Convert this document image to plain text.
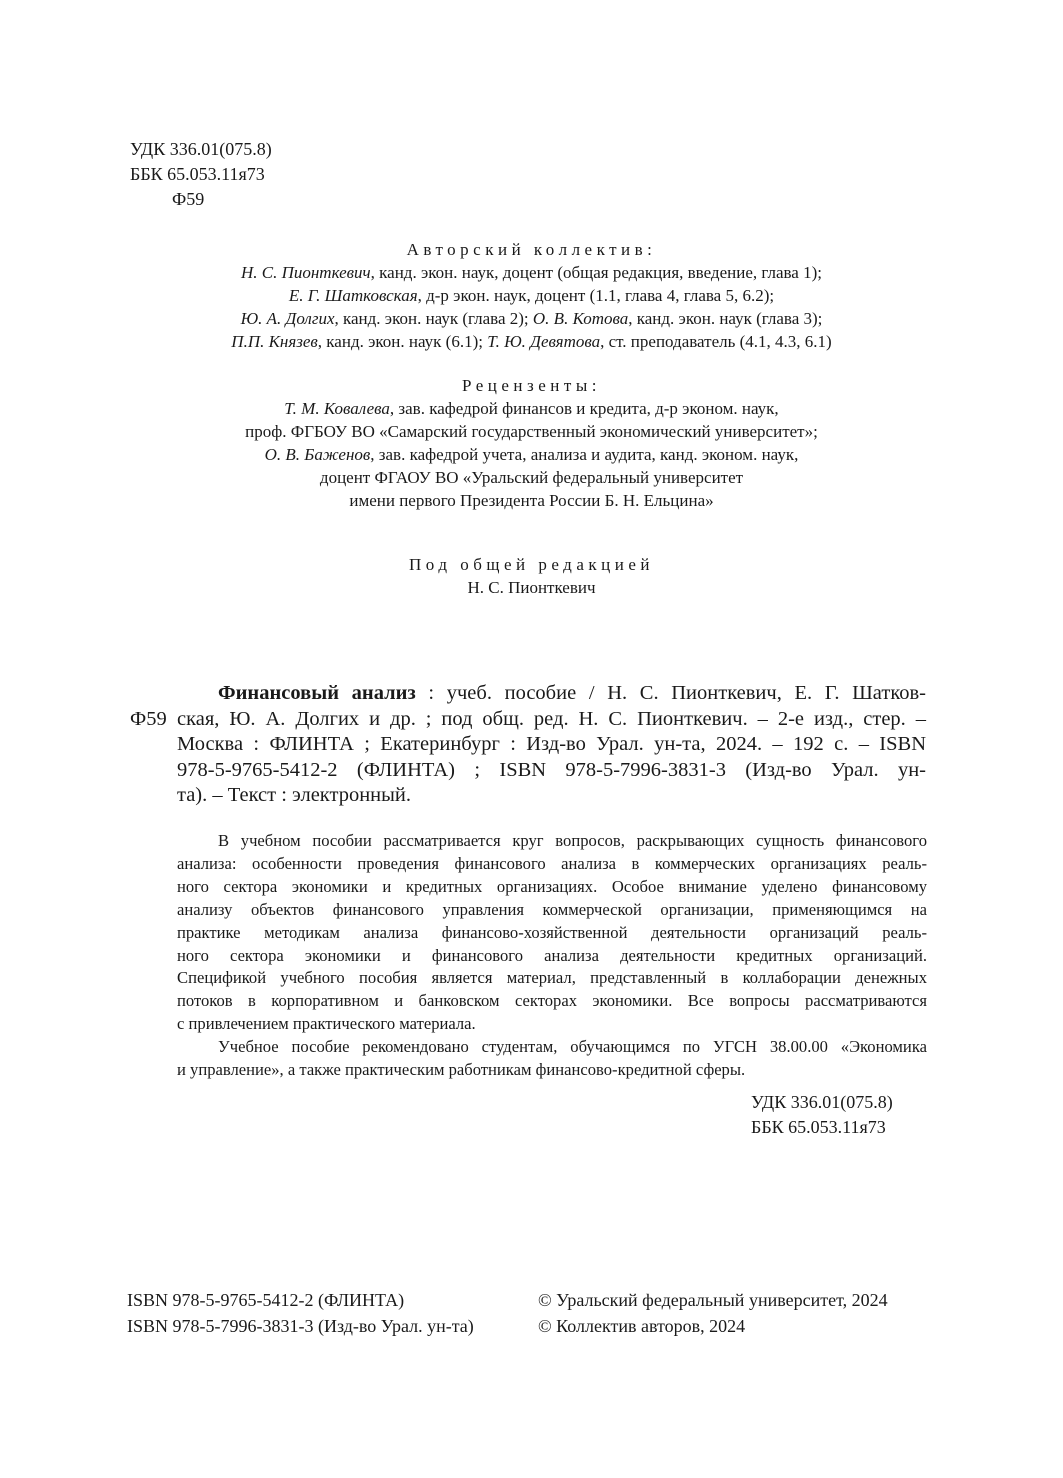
УДК 336.01(075.8)
ББК 65.053.11я73
Ф59
Авторский коллектив:
Н. С. Пионткевич, канд. экон. наук, доцент (общая редакция, введение, глава 1);
Е. Г. Шатковская, д-р экон. наук, доцент (1.1, глава 4, глава 5, 6.2);
Ю. А. Долгих, канд. экон. наук (глава 2); О. В. Котова, канд. экон. наук (глава 3);
П.П. Князев, канд. экон. наук (6.1); Т. Ю. Девятова, ст. преподаватель (4.1, 4.3, 6.1)
Рецензенты:
Т. М. Ковалева, зав. кафедрой финансов и кредита, д-р эконом. наук,
проф. ФГБОУ ВО «Самарский государственный экономический университет»;
О. В. Баженов, зав. кафедрой учета, анализа и аудита, канд. эконом. наук,
доцент ФГАОУ ВО «Уральский федеральный университет
имени первого Президента России Б. Н. Ельцина»
Под общей редакцией
Н. С. Пионткевич
Ф59
Финансовый анализ : учеб. пособие / Н. С. Пионткевич, Е. Г. Шатков-
ская, Ю. А. Долгих и др. ; под общ. ред. Н. С. Пионткевич. – 2-е изд., стер. –
Москва : ФЛИНТА ; Екатеринбург : Изд-во Урал. ун-та, 2024. – 192 с. – ISBN
978-5-9765-5412-2 (ФЛИНТА) ; ISBN 978-5-7996-3831-3 (Изд-во Урал. ун-
та). – Текст : электронный.
В учебном пособии рассматривается круг вопросов, раскрывающих сущность финансового
анализа: особенности проведения финансового анализа в коммерческих организациях реаль-
ного сектора экономики и кредитных организациях. Особое внимание уделено финансовому
анализу объектов финансового управления коммерческой организации, применяющимся на
практике методикам анализа финансово-хозяйственной деятельности организаций реаль-
ного сектора экономики и финансового анализа деятельности кредитных организаций.
Спецификой учебного пособия является материал, представленный в коллаборации денежных
потоков в корпоративном и банковском секторах экономики. Все вопросы рассматриваются
с привлечением практического материала.
Учебное пособие рекомендовано студентам, обучающимся по УГСН 38.00.00 «Экономика
и управление», а также практическим работникам финансово-кредитной сферы.
УДК 336.01(075.8)
ББК 65.053.11я73
ISBN 978-5-9765-5412-2 (ФЛИНТА)
ISBN 978-5-7996-3831-3 (Изд-во Урал. ун-та)
© Уральский федеральный университет, 2024
© Коллектив авторов, 2024
